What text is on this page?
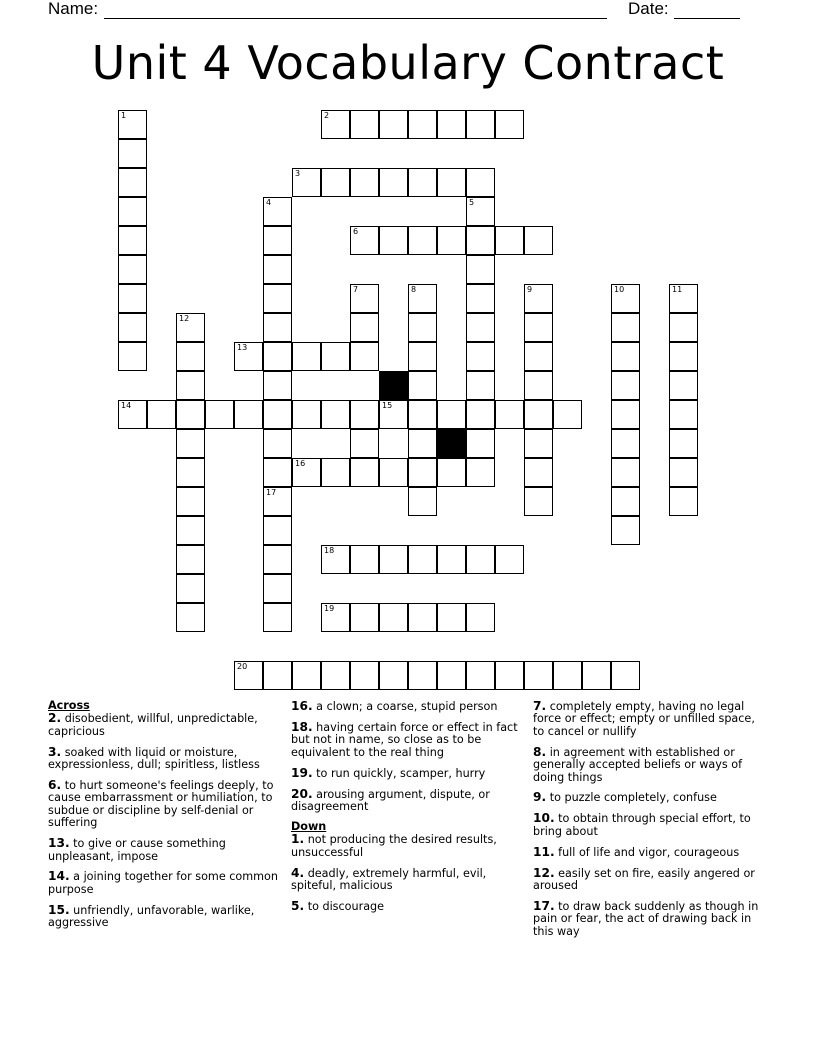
Name:	Date:
Unit 4 Vocabulary Contract
1	2
3
4	5
6
7	8	9	10	11
12
13
14	15
16
17
18
19
20
Across
2. disobedient, willful, unpredictable, capricious
3. soaked with liquid or moisture, expressionless, dull; spiritless, listless
6. to hurt someone's feelings deeply, to cause embarrassment or humiliation, to subdue or discipline by self-denial or suffering
13. to give or cause something unpleasant, impose
14. a joining together for some common purpose
15. unfriendly, unfavorable, warlike, aggressive
16. a clown; a coarse, stupid person
18. having certain force or effect in fact but not in name, so close as to be equivalent to the real thing
19. to run quickly, scamper, hurry
20. arousing argument, dispute, or disagreement
Down
1. not producing the desired results, unsuccessful
4. deadly, extremely harmful, evil, spiteful, malicious
5. to discourage
7. completely empty, having no legal force or effect; empty or unfilled space, to cancel or nullify
8. in agreement with established or generally accepted beliefs or ways of doing things
9. to puzzle completely, confuse
10. to obtain through special effort, to bring about
11. full of life and vigor, courageous
12. easily set on fire, easily angered or aroused
17. to draw back suddenly as though in pain or fear, the act of drawing back in this way
